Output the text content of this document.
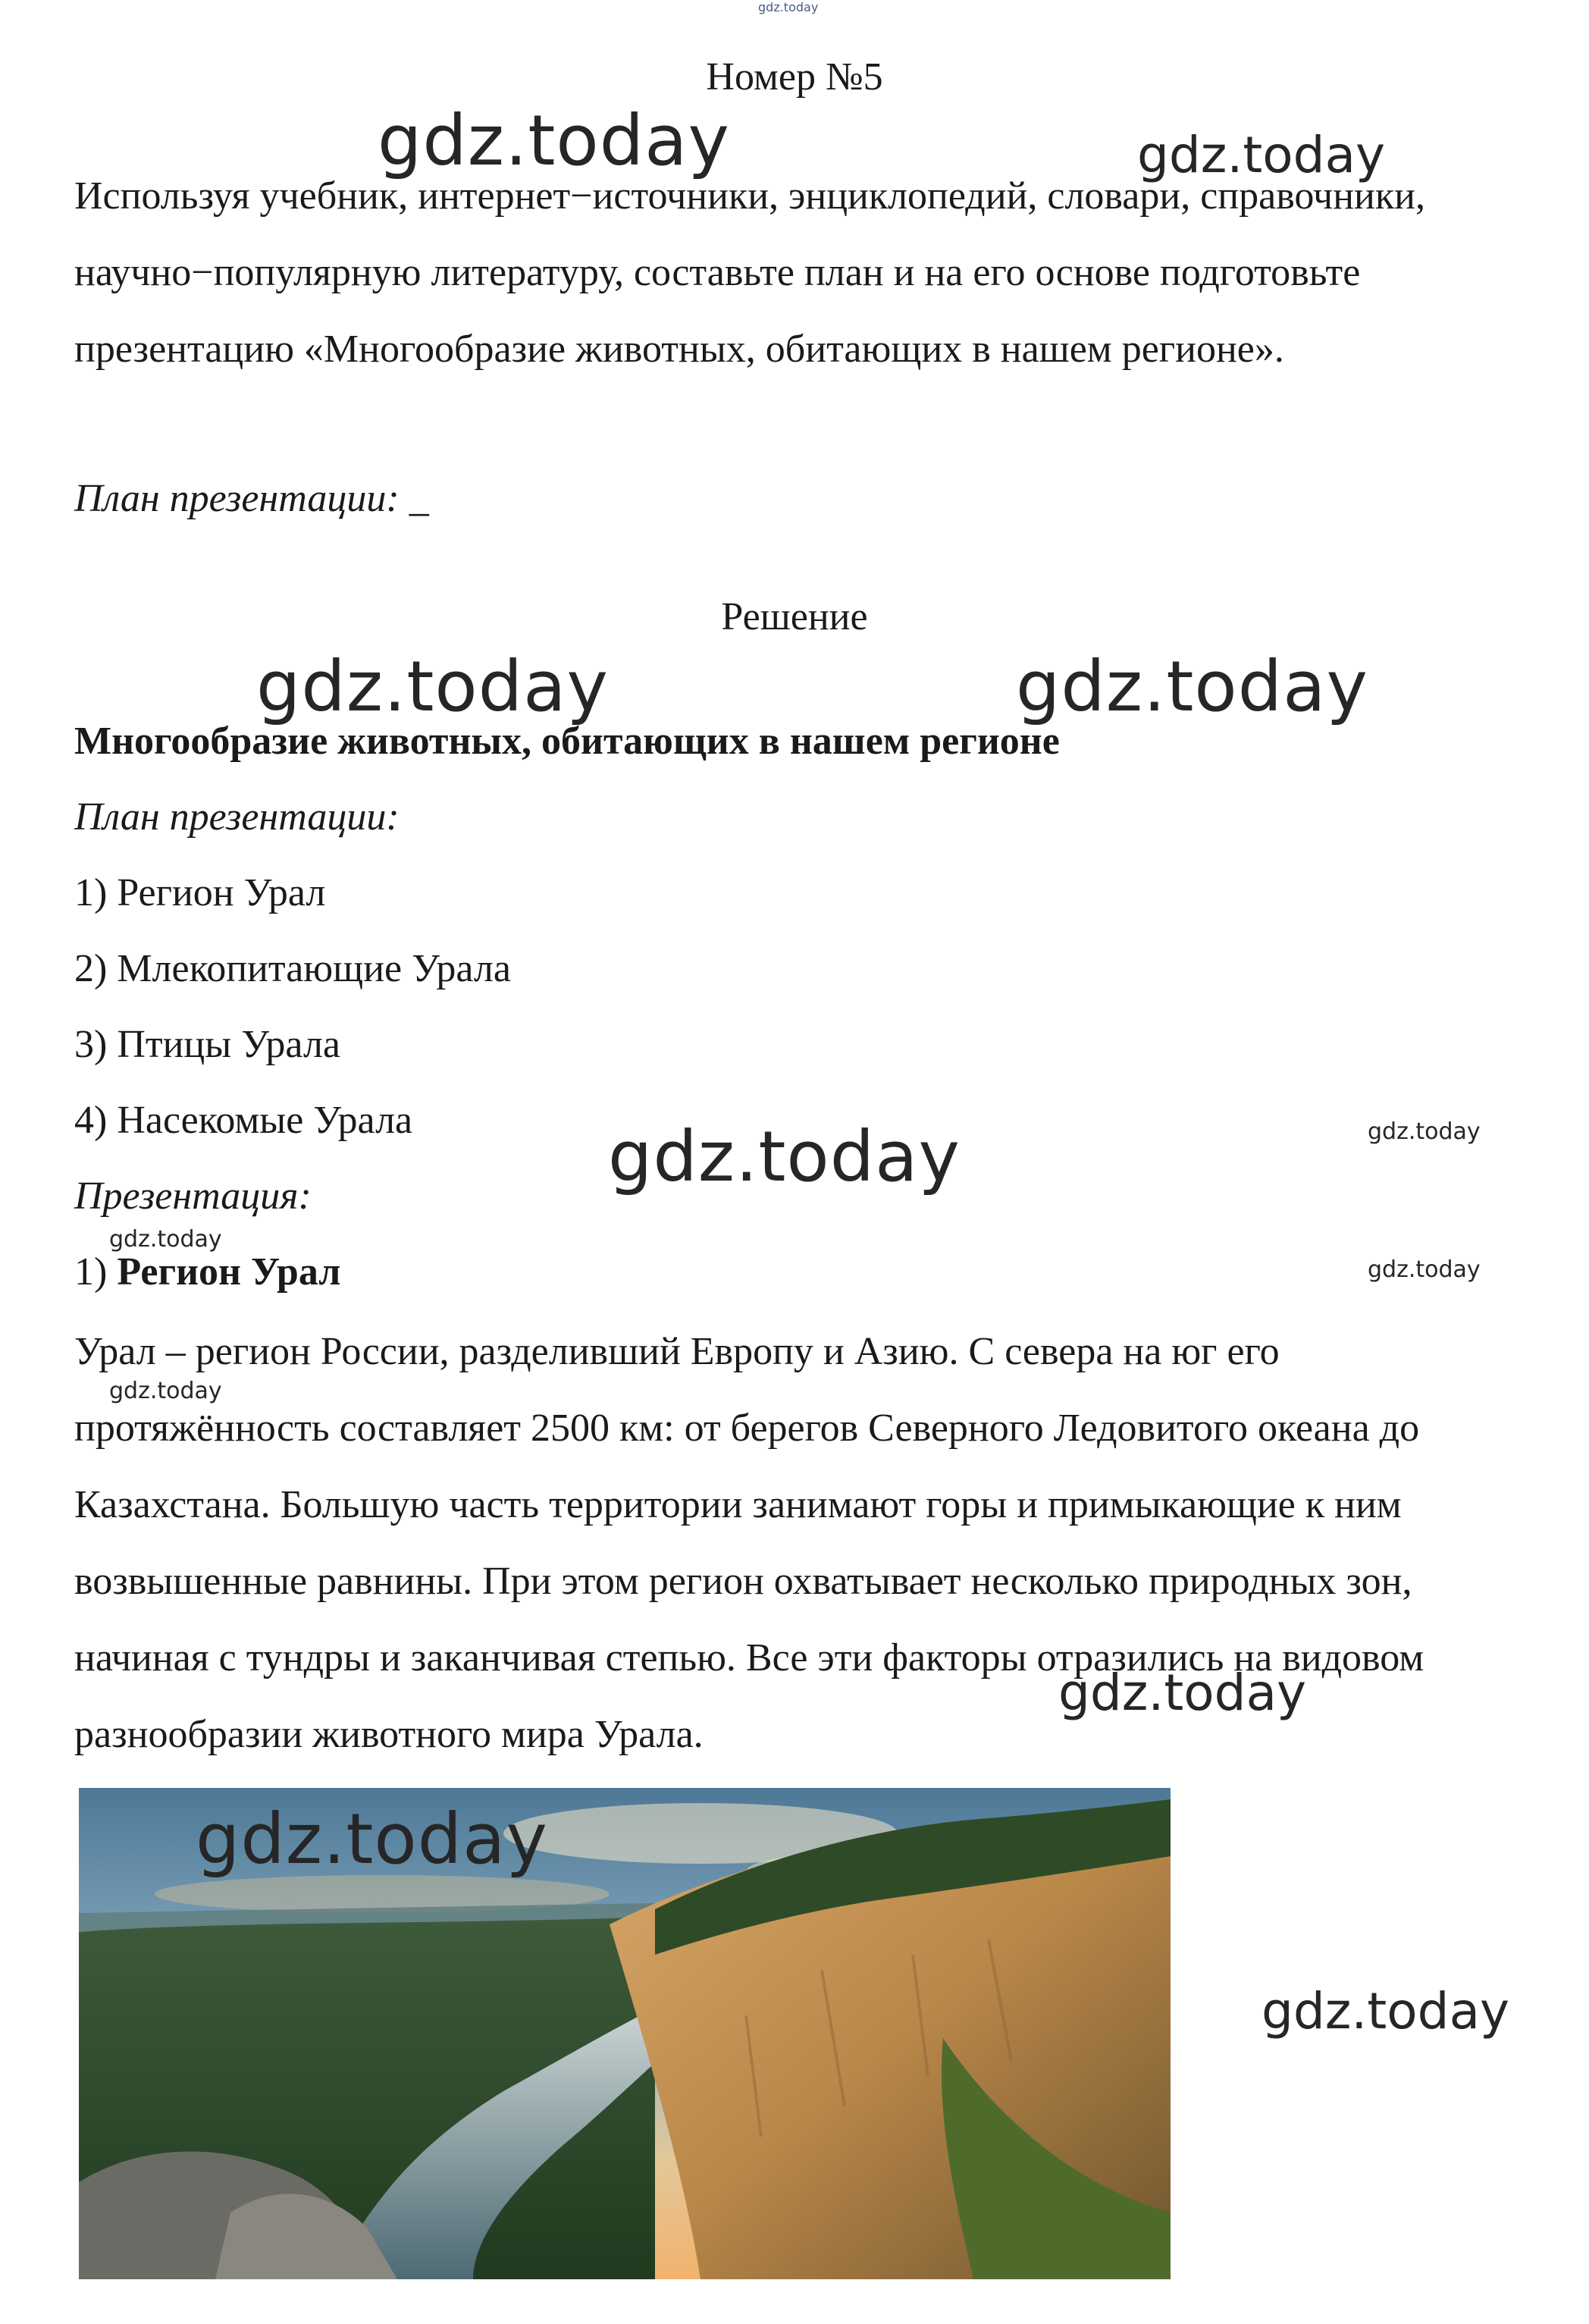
gdz.today
Номер №5
gdz.today	gdz.today

Используя учебник, интернет−источники, энциклопедий, словари, справочники, научно−популярную литературу, составьте план и на его основе подготовьте презентацию «Многообразие животных, обитающих в нашем регионе».

План презентации: _
Решение
gdz.today	gdz.today
Многообразие животных, обитающих в нашем регионе
План презентации:
1) Регион Урал
2) Млекопитающие Урала
3) Птицы Урала
4) Насекомые Урала	gdz.today	gdz.today
Презентация:
gdz.today
1) Регион Урал	gdz.today
gdz.today

Урал – регион России, разделивший Европу и Азию. С севера на юг его протяжённость составляет 2500 км: от берегов Северного Ледовитого океана до Казахстана. Большую часть территории занимают горы и примыкающие к ним возвышенные равнины. При этом регион охватывает несколько природных зон, начиная с тундры и заканчивая степью. Все эти факторы отразились на видовом разнообразии животного мира Урала.

gdz.today
gdz.today
gdz.today
